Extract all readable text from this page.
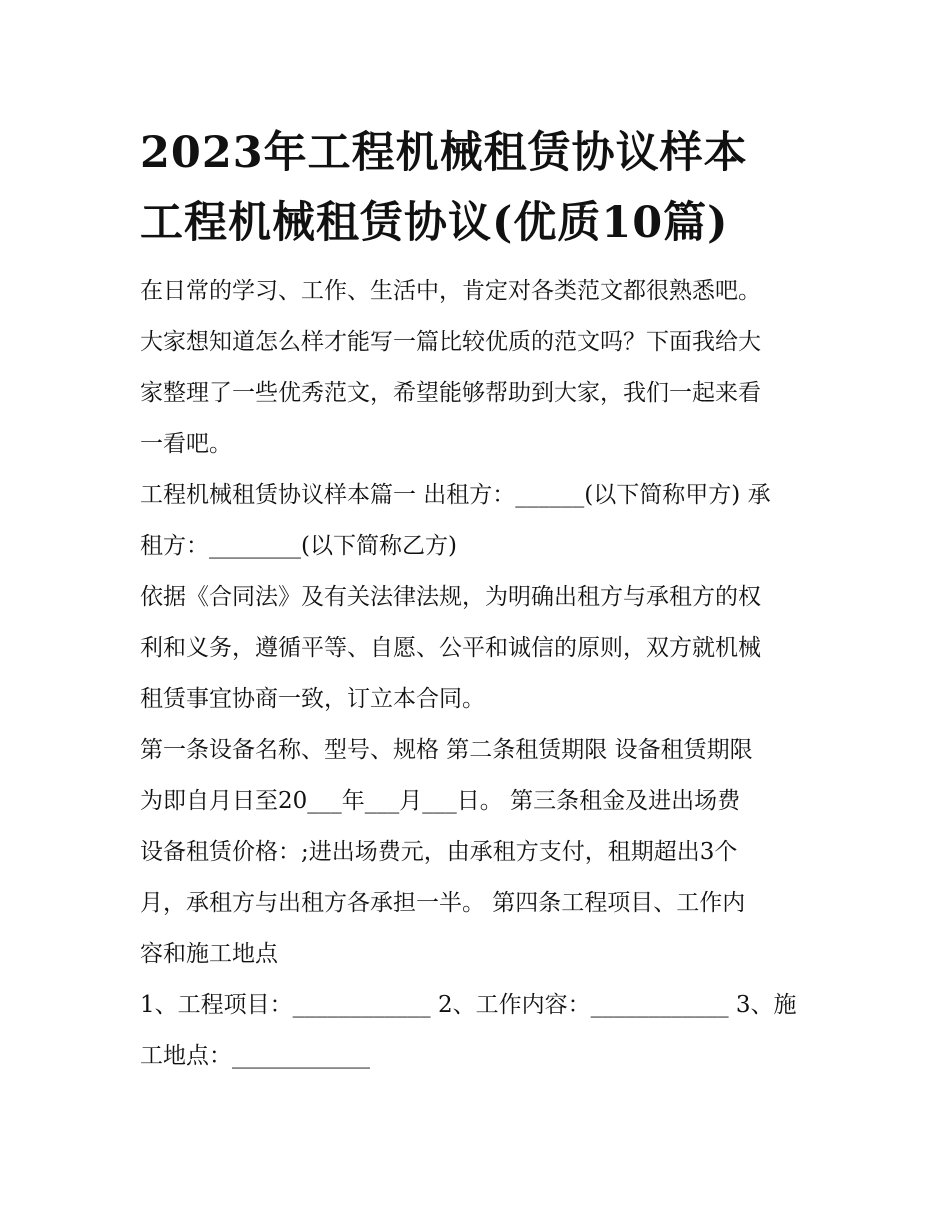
2023年工程机械租赁协议样本
工程机械租赁协议(优质10篇)

在日常的学习、工作、生活中，肯定对各类范文都很熟悉吧。
大家想知道怎么样才能写一篇比较优质的范文吗？下面我给大
家整理了一些优秀范文，希望能够帮助到大家，我们一起来看
一看吧。

工程机械租赁协议样本篇一 出租方：______(以下简称甲方) 承
租方：________(以下简称乙方)

依据《合同法》及有关法律法规，为明确出租方与承租方的权
利和义务，遵循平等、自愿、公平和诚信的原则，双方就机械
租赁事宜协商一致，订立本合同。

第一条设备名称、型号、规格 第二条租赁期限 设备租赁期限
为即自月日至20___年___月___日。 第三条租金及进出场费
设备租赁价格：;进出场费元，由承租方支付，租期超出3个
月，承租方与出租方各承担一半。 第四条工程项目、工作内
容和施工地点

1、工程项目：____________ 2、工作内容：____________ 3、施
工地点：____________
